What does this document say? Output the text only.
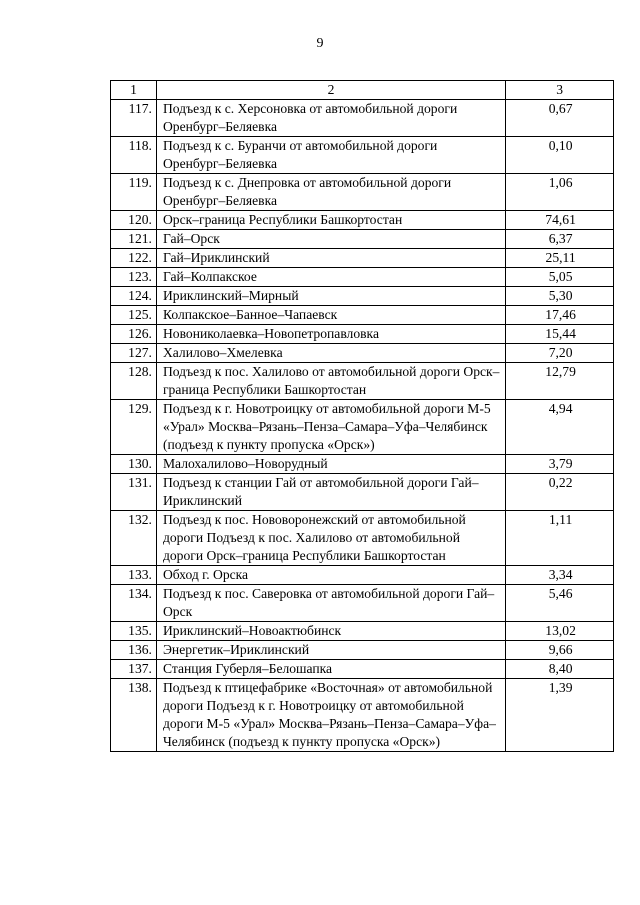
9
1	2	3
117.	Подъезд к с. Херсоновка от автомобильной дороги Оренбург–Беляевка	0,67
118.	Подъезд к с. Буранчи от автомобильной дороги Оренбург–Беляевка	0,10
119.	Подъезд к с. Днепровка от автомобильной дороги Оренбург–Беляевка	1,06
120.	Орск–граница Республики Башкортостан	74,61
121.	Гай–Орск	6,37
122.	Гай–Ириклинский	25,11
123.	Гай–Колпакское	5,05
124.	Ириклинский–Мирный	5,30
125.	Колпакское–Банное–Чапаевск	17,46
126.	Новониколаевка–Новопетропавловка	15,44
127.	Халилово–Хмелевка	7,20
128.	Подъезд к пос. Халилово от автомобильной дороги Орск–граница Республики Башкортостан	12,79
129.	Подъезд к г. Новотроицку от автомобильной дороги М-5 «Урал» Москва–Рязань–Пенза–Самара–Уфа–Челябинск (подъезд к пункту пропуска «Орск»)	4,94
130.	Малохалилово–Новорудный	3,79
131.	Подъезд к станции Гай от автомобильной дороги Гай–Ириклинский	0,22
132.	Подъезд к пос. Нововоронежский от автомобильной дороги Подъезд к пос. Халилово от автомобильной дороги Орск–граница Республики Башкортостан	1,11
133.	Обход г. Орска	3,34
134.	Подъезд к пос. Саверовка от автомобильной дороги Гай–Орск	5,46
135.	Ириклинский–Новоактюбинск	13,02
136.	Энергетик–Ириклинский	9,66
137.	Станция Губерля–Белошапка	8,40
138.	Подъезд к птицефабрике «Восточная» от автомобильной дороги Подъезд к г. Новотроицку от автомобильной дороги М-5 «Урал» Москва–Рязань–Пенза–Самара–Уфа–Челябинск (подъезд к пункту пропуска «Орск»)	1,39
